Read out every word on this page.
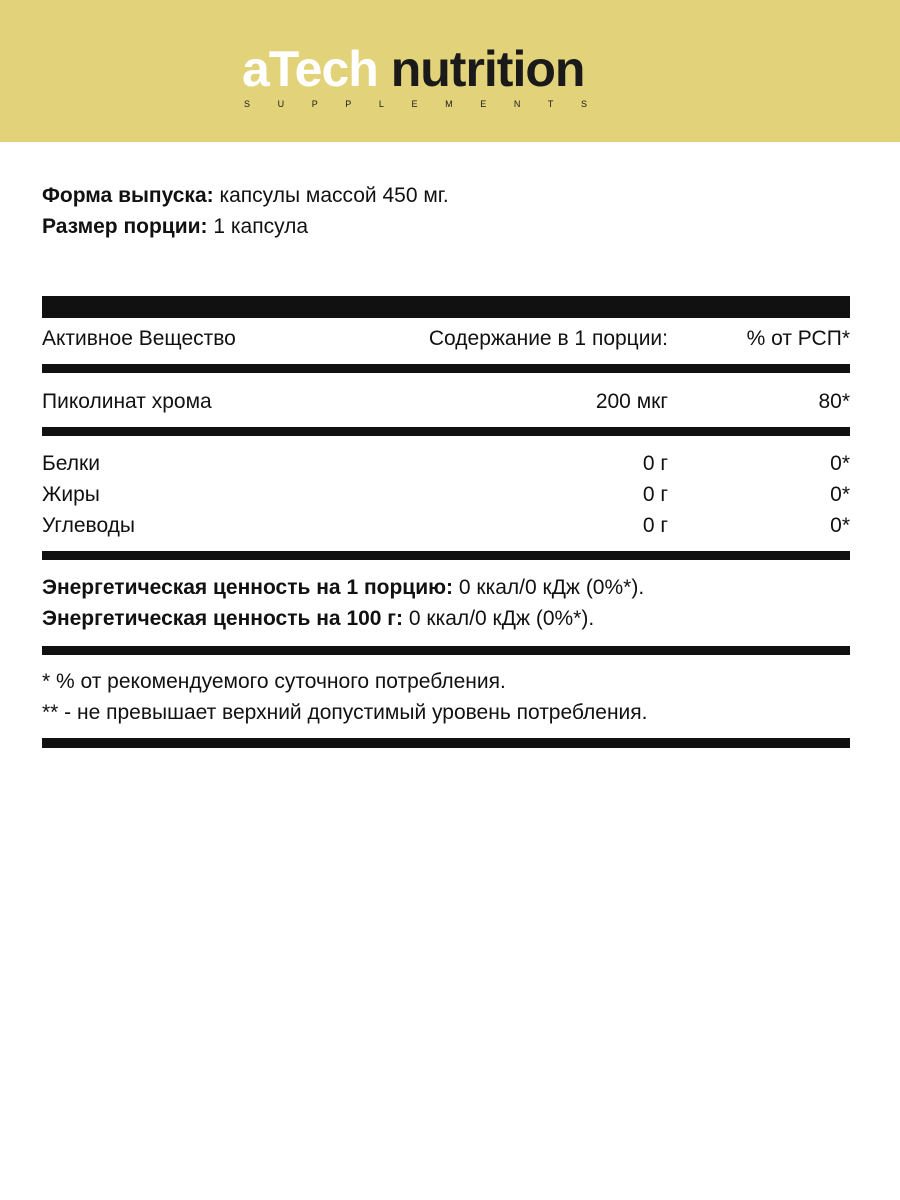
aTech nutrition
SUPPLEMENTS
Форма выпуска: капсулы массой 450 мг.
Размер порции: 1 капсула
Активное Вещество	Содержание в 1 порции:	% от РСП*
Пиколинат хрома	200 мкг	80*
Белки	0 г	0*
Жиры	0 г	0*
Углеводы	0 г	0*
Энергетическая ценность на 1 порцию: 0 ккал/0 кДж (0%*).
Энергетическая ценность на 100 г: 0 ккал/0 кДж (0%*).
* % от рекомендуемого суточного потребления.
** - не превышает верхний допустимый уровень потребления.
